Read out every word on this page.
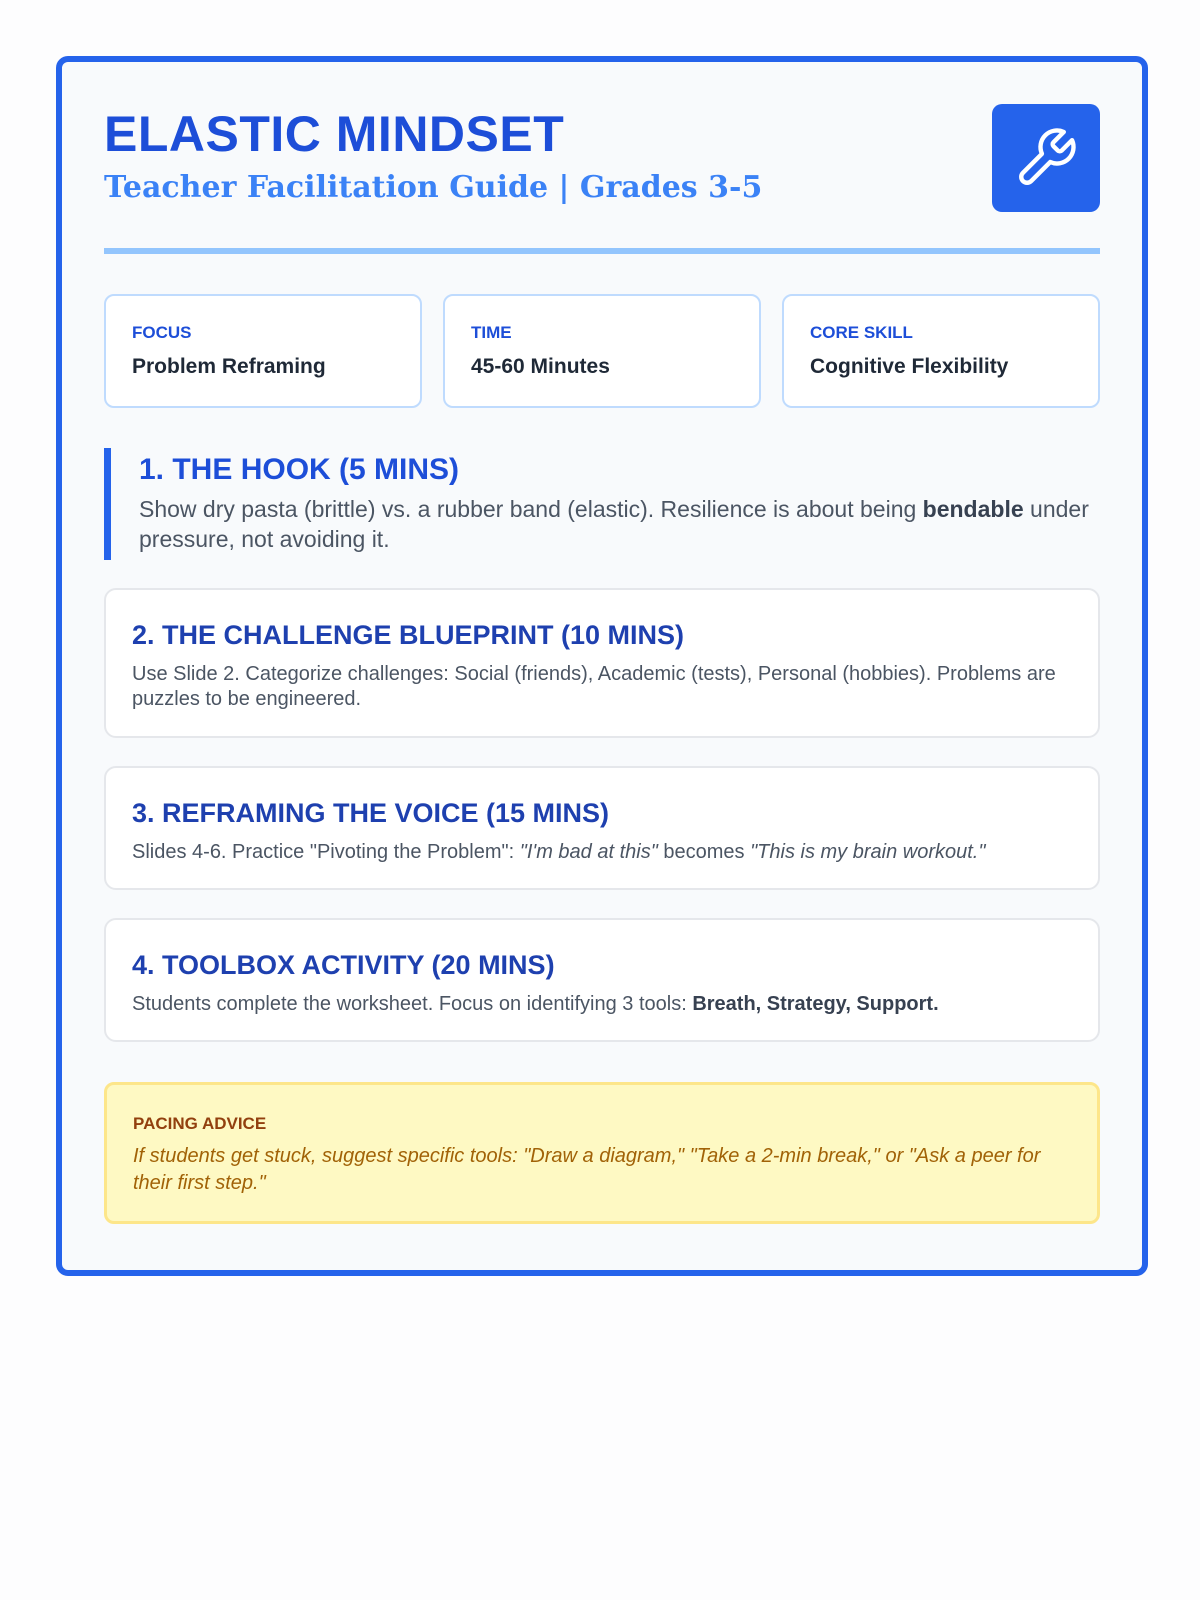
ELASTIC MINDSET
Teacher Facilitation Guide | Grades 3-5
FOCUS
Problem Reframing
TIME
45-60 Minutes
CORE SKILL
Cognitive Flexibility
1. THE HOOK (5 MINS)

Show dry pasta (brittle) vs. a rubber band (elastic). Resilience is about being bendable under pressure, not avoiding it.

2. THE CHALLENGE BLUEPRINT (10 MINS)

Use Slide 2. Categorize challenges: Social (friends), Academic (tests), Personal (hobbies). Problems are puzzles to be engineered.

3. REFRAMING THE VOICE (15 MINS)

Slides 4-6. Practice "Pivoting the Problem": "I'm bad at this" becomes "This is my brain workout."

4. TOOLBOX ACTIVITY (20 MINS)

Students complete the worksheet. Focus on identifying 3 tools: Breath, Strategy, Support.

PACING ADVICE
If students get stuck, suggest specific tools: "Draw a diagram," "Take a 2-min break," or "Ask a peer for their first step."
